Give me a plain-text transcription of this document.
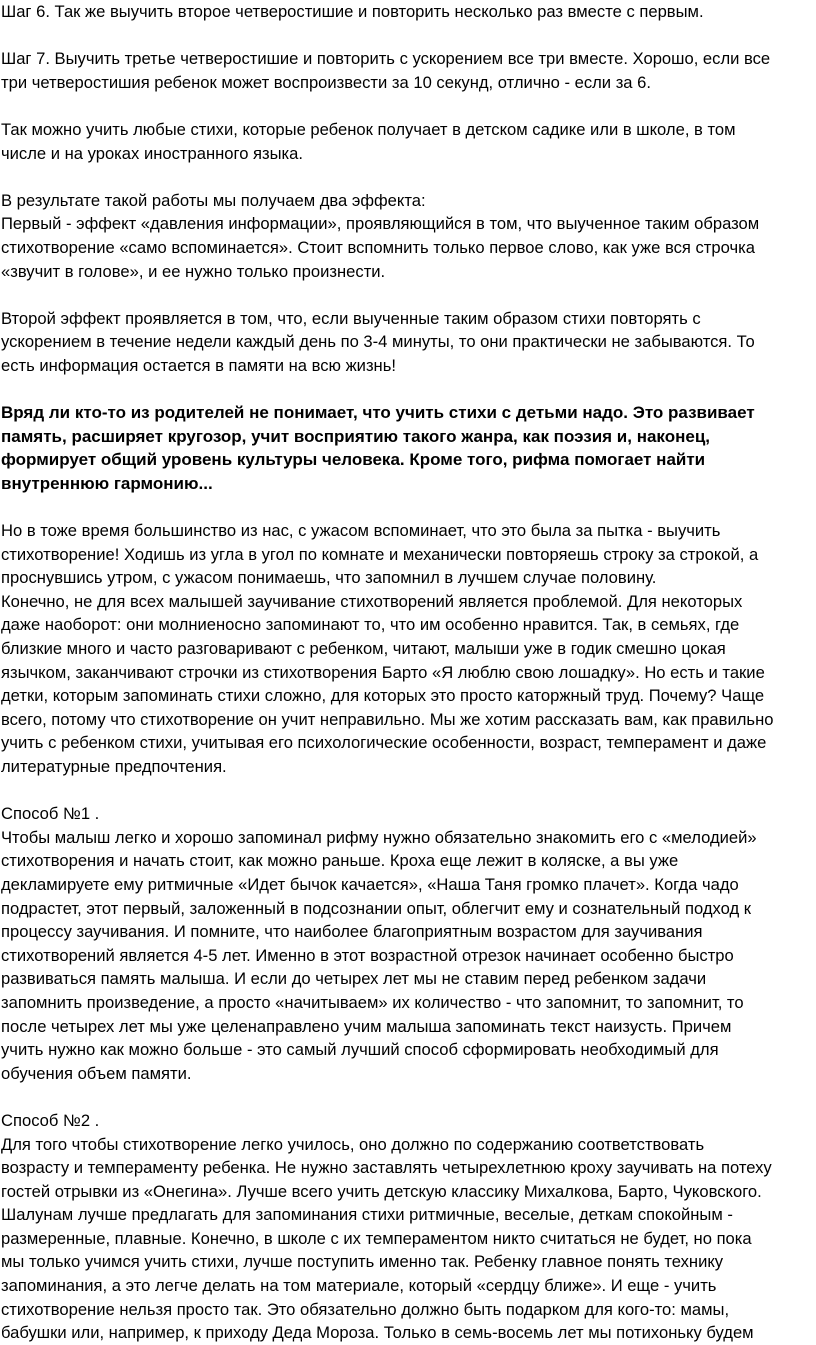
Шаг 6. Так же выучить второе четверостишие и повторить несколько раз вместе с первым.

Шаг 7. Выучить третье четверостишие и повторить с ускорением все три вместе. Хорошо, если все
три четверостишия ребенок может воспроизвести за 10 секунд, отлично - если за 6.

Так можно учить любые стихи, которые ребенок получает в детском садике или в школе, в том
числе и на уроках иностранного языка.

В результате такой работы мы получаем два эффекта:
Первый - эффект «давления информации», проявляющийся в том, что выученное таким образом
стихотворение «само вспоминается». Стоит вспомнить только первое слово, как уже вся строчка
«звучит в голове», и ее нужно только произнести.

Второй эффект проявляется в том, что, если выученные таким образом стихи повторять с
ускорением в течение недели каждый день по 3-4 минуты, то они практически не забываются. То
есть информация остается в памяти на всю жизнь!

Вряд ли кто-то из родителей не понимает, что учить стихи с детьми надо. Это развивает
память, расширяет кругозор, учит восприятию такого жанра, как поэзия и, наконец,
формирует общий уровень культуры человека. Кроме того, рифма помогает найти
внутреннюю гармонию...

Но в тоже время большинство из нас, с ужасом вспоминает, что это была за пытка - выучить
стихотворение! Ходишь из угла в угол по комнате и механически повторяешь строку за строкой, а
проснувшись утром, с ужасом понимаешь, что запомнил в лучшем случае половину.
Конечно, не для всех малышей заучивание стихотворений является проблемой. Для некоторых
даже наоборот: они молниеносно запоминают то, что им особенно нравится. Так, в семьях, где
близкие много и часто разговаривают с ребенком, читают, малыши уже в годик смешно цокая
язычком, заканчивают строчки из стихотворения Барто «Я люблю свою лошадку». Но есть и такие
детки, которым запоминать стихи сложно, для которых это просто каторжный труд. Почему? Чаще
всего, потому что стихотворение он учит неправильно. Мы же хотим рассказать вам, как правильно
учить с ребенком стихи, учитывая его психологические особенности, возраст, темперамент и даже
литературные предпочтения.

Способ №1 .
Чтобы малыш легко и хорошо запоминал рифму нужно обязательно знакомить его с «мелодией»
стихотворения и начать стоит, как можно раньше. Кроха еще лежит в коляске, а вы уже
декламируете ему ритмичные «Идет бычок качается», «Наша Таня громко плачет». Когда чадо
подрастет, этот первый, заложенный в подсознании опыт, облегчит ему и сознательный подход к
процессу заучивания. И помните, что наиболее благоприятным возрастом для заучивания
стихотворений является 4-5 лет. Именно в этот возрастной отрезок начинает особенно быстро
развиваться память малыша. И если до четырех лет мы не ставим перед ребенком задачи
запомнить произведение, а просто «начитываем» их количество - что запомнит, то запомнит, то
после четырех лет мы уже целенаправлено учим малыша запоминать текст наизусть. Причем
учить нужно как можно больше - это самый лучший способ сформировать необходимый для
обучения объем памяти.

Способ №2 .
Для того чтобы стихотворение легко училось, оно должно по содержанию соответствовать
возрасту и темпераменту ребенка. Не нужно заставлять четырехлетнюю кроху заучивать на потеху
гостей отрывки из «Онегина». Лучше всего учить детскую классику Михалкова, Барто, Чуковского.
Шалунам лучше предлагать для запоминания стихи ритмичные, веселые, деткам спокойным -
размеренные, плавные. Конечно, в школе с их темпераментом никто считаться не будет, но пока
мы только учимся учить стихи, лучше поступить именно так. Ребенку главное понять технику
запоминания, а это легче делать на том материале, который «сердцу ближе». И еще - учить
стихотворение нельзя просто так. Это обязательно должно быть подарком для кого-то: мамы,
бабушки или, например, к приходу Деда Мороза. Только в семь-восемь лет мы потихоньку будем
